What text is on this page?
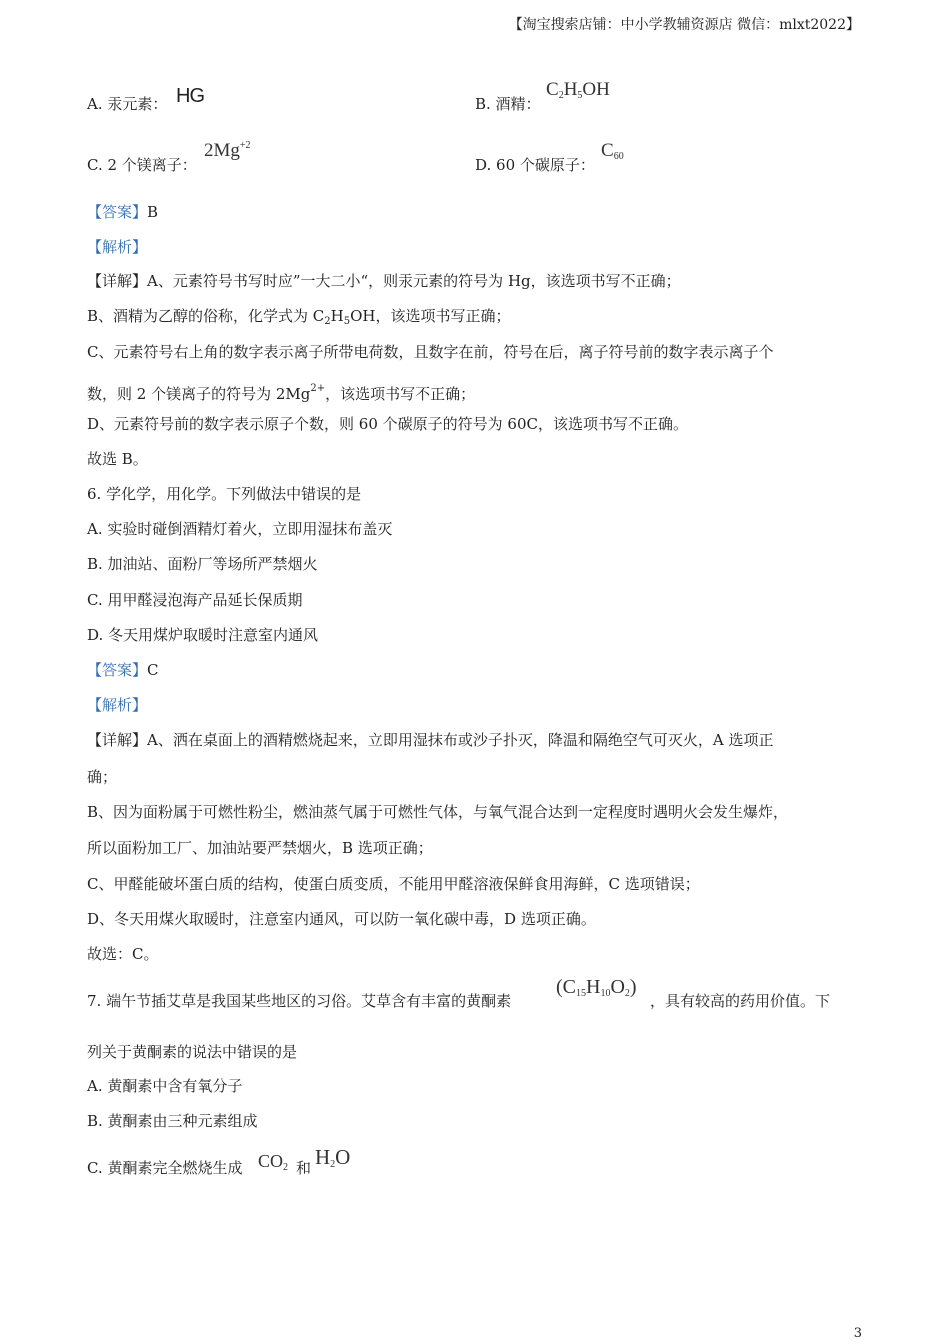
【淘宝搜索店铺：中小学教辅资源店 微信：mlxt2022】
A. 汞元素： HG	B. 酒精：
$C_2H_5OH$
C. 2 个镁离子：
$2Mg^{+2}$
D. 60 个碳原子：
$C_{60}$
【答案】B
【解析】
【详解】A、元素符号书写时应”一大二小“，则汞元素的符号为 Hg，该选项书写不正确；
B、酒精为乙醇的俗称，化学式为 $C_2H_5OH$，该选项书写正确；
C、元素符号右上角的数字表示离子所带电荷数，且数字在前，符号在后，离子符号前的数字表示离子个
数，则 2 个镁离子的符号为 $2Mg^{2+}$，该选项书写不正确；
D、元素符号前的数字表示原子个数，则 60 个碳原子的符号为 60C，该选项书写不正确。
故选 B。
6. 学化学，用化学。下列做法中错误的是
A. 实验时碰倒酒精灯着火，立即用湿抹布盖灭
B. 加油站、面粉厂等场所严禁烟火
C. 用甲醛浸泡海产品延长保质期
D. 冬天用煤炉取暖时注意室内通风
【答案】C
【解析】
【详解】A、洒在桌面上的酒精燃烧起来，立即用湿抹布或沙子扑灭，降温和隔绝空气可灭火，A 选项正
确；
B、因为面粉属于可燃性粉尘，燃油蒸气属于可燃性气体，与氧气混合达到一定程度时遇明火会发生爆炸，
所以面粉加工厂、加油站要严禁烟火，B 选项正确；
C、甲醛能破坏蛋白质的结构，使蛋白质变质，不能用甲醛溶液保鲜食用海鲜，C 选项错误；
D、冬天用煤火取暖时，注意室内通风，可以防一氧化碳中毒，D 选项正确。
故选：C。
7. 端午节插艾草是我国某些地区的习俗。艾草含有丰富的黄酮素
$(C_{15}H_{10}O_2)$
，具有较高的药用价值。下
列关于黄酮素的说法中错误的是
A. 黄酮素中含有氧分子
B. 黄酮素由三种元素组成
C. 黄酮素完全燃烧生成 $CO_2$ 和 $H_2O$
3
